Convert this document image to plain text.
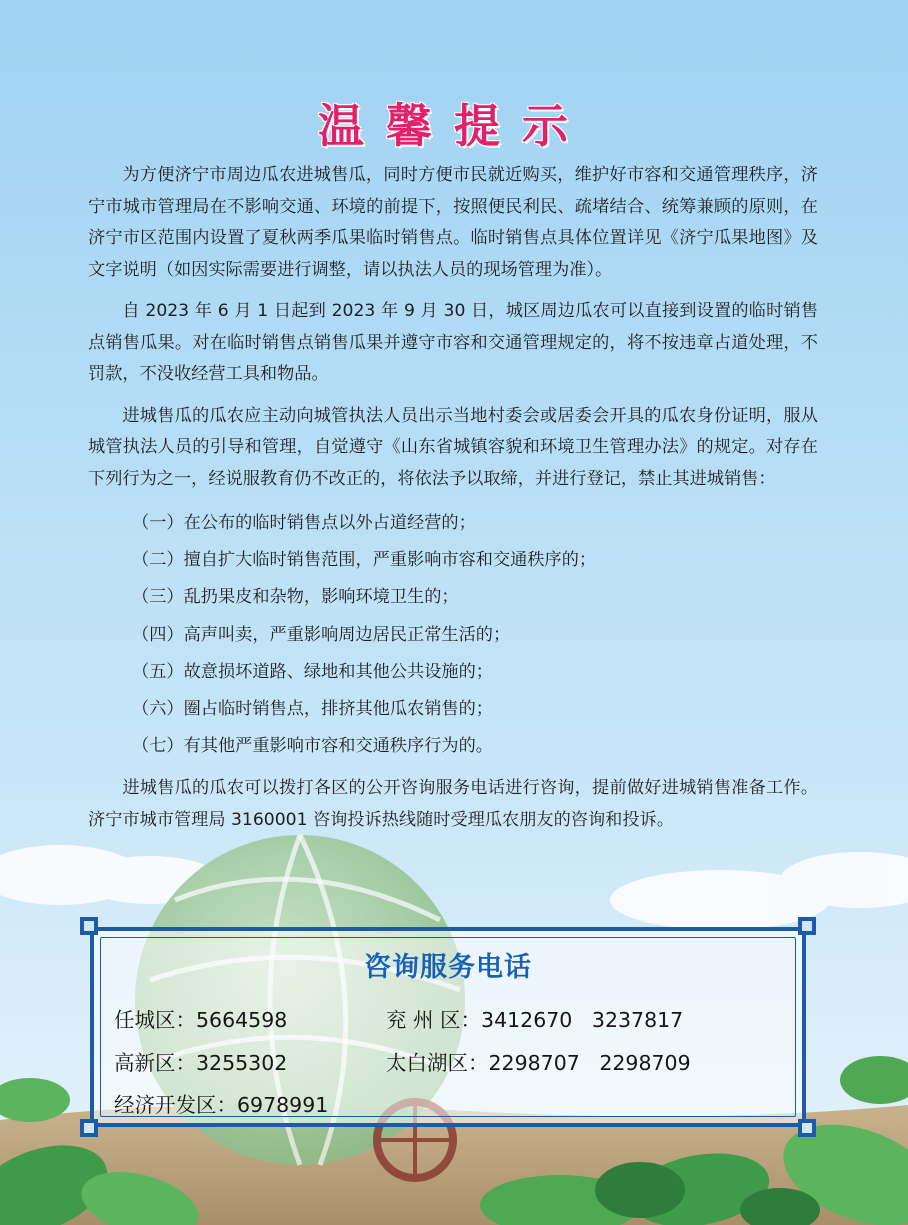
温馨提示

为方便济宁市周边瓜农进城售瓜，同时方便市民就近购买，维护好市容和交通管理秩序，济宁市城市管理局在不影响交通、环境的前提下，按照便民利民、疏堵结合、统筹兼顾的原则，在济宁市区范围内设置了夏秋两季瓜果临时销售点。临时销售点具体位置详见《济宁瓜果地图》及文字说明（如因实际需要进行调整，请以执法人员的现场管理为准）。

自 2023 年 6 月 1 日起到 2023 年 9 月 30 日，城区周边瓜农可以直接到设置的临时销售点销售瓜果。对在临时销售点销售瓜果并遵守市容和交通管理规定的，将不按违章占道处理，不罚款，不没收经营工具和物品。

进城售瓜的瓜农应主动向城管执法人员出示当地村委会或居委会开具的瓜农身份证明，服从城管执法人员的引导和管理，自觉遵守《山东省城镇容貌和环境卫生管理办法》的规定。对存在下列行为之一，经说服教育仍不改正的，将依法予以取缔，并进行登记，禁止其进城销售：

（一）在公布的临时销售点以外占道经营的；
（二）擅自扩大临时销售范围，严重影响市容和交通秩序的；
（三）乱扔果皮和杂物，影响环境卫生的；
（四）高声叫卖，严重影响周边居民正常生活的；
（五）故意损坏道路、绿地和其他公共设施的；
（六）圈占临时销售点，排挤其他瓜农销售的；
（七）有其他严重影响市容和交通秩序行为的。

进城售瓜的瓜农可以拨打各区的公开咨询服务电话进行咨询，提前做好进城销售准备工作。济宁市城市管理局 3160001 咨询投诉热线随时受理瓜农朋友的咨询和投诉。

咨询服务电话
任城区：5664598	兖 州 区：3412670   3237817
高新区：3255302	太白湖区：2298707   2298709
经济开发区：6978991
